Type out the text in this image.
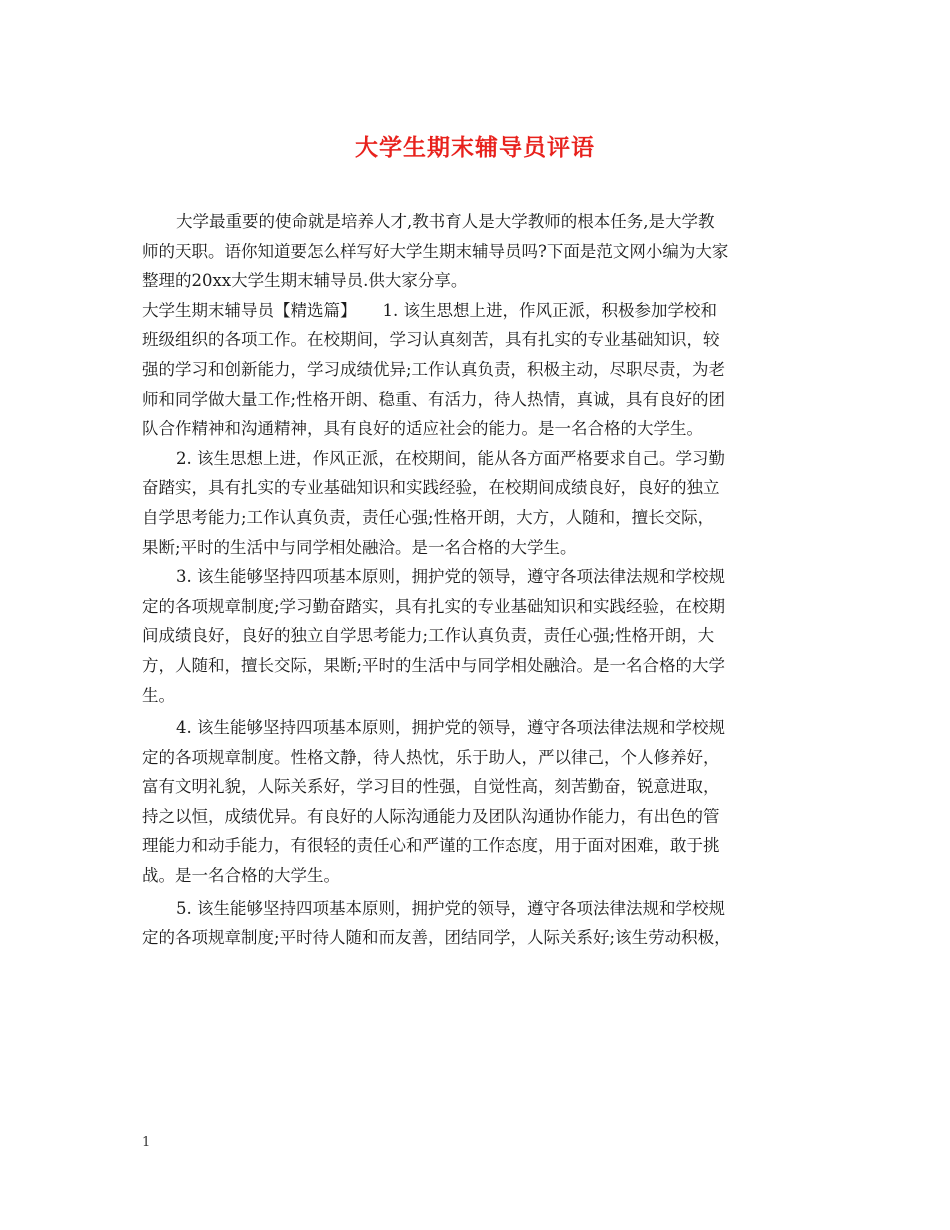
大学生期末辅导员评语
大学最重要的使命就是培养人才,教书育人是大学教师的根本任务,是大学教
师的天职。语你知道要怎么样写好大学生期末辅导员吗?下面是范文网小编为大家
整理的20xx大学生期末辅导员.供大家分享。
大学生期末辅导员【精选篇】 1. 该生思想上进，作风正派，积极参加学校和
班级组织的各项工作。在校期间，学习认真刻苦，具有扎实的专业基础知识，较
强的学习和创新能力，学习成绩优异;工作认真负责，积极主动，尽职尽责，为老
师和同学做大量工作;性格开朗、稳重、有活力，待人热情，真诚，具有良好的团
队合作精神和沟通精神，具有良好的适应社会的能力。是一名合格的大学生。
2. 该生思想上进，作风正派，在校期间，能从各方面严格要求自己。学习勤
奋踏实，具有扎实的专业基础知识和实践经验，在校期间成绩良好，良好的独立
自学思考能力;工作认真负责，责任心强;性格开朗，大方，人随和，擅长交际，
果断;平时的生活中与同学相处融洽。是一名合格的大学生。
3. 该生能够坚持四项基本原则，拥护党的领导，遵守各项法律法规和学校规
定的各项规章制度;学习勤奋踏实，具有扎实的专业基础知识和实践经验，在校期
间成绩良好，良好的独立自学思考能力;工作认真负责，责任心强;性格开朗，大
方，人随和，擅长交际，果断;平时的生活中与同学相处融洽。是一名合格的大学
生。
4. 该生能够坚持四项基本原则，拥护党的领导，遵守各项法律法规和学校规
定的各项规章制度。性格文静，待人热忱，乐于助人，严以律己，个人修养好，
富有文明礼貌，人际关系好，学习目的性强，自觉性高，刻苦勤奋，锐意进取，
持之以恒，成绩优异。有良好的人际沟通能力及团队沟通协作能力，有出色的管
理能力和动手能力，有很轻的责任心和严谨的工作态度，用于面对困难，敢于挑
战。是一名合格的大学生。
5. 该生能够坚持四项基本原则，拥护党的领导，遵守各项法律法规和学校规
定的各项规章制度;平时待人随和而友善，团结同学，人际关系好;该生劳动积极，
1
